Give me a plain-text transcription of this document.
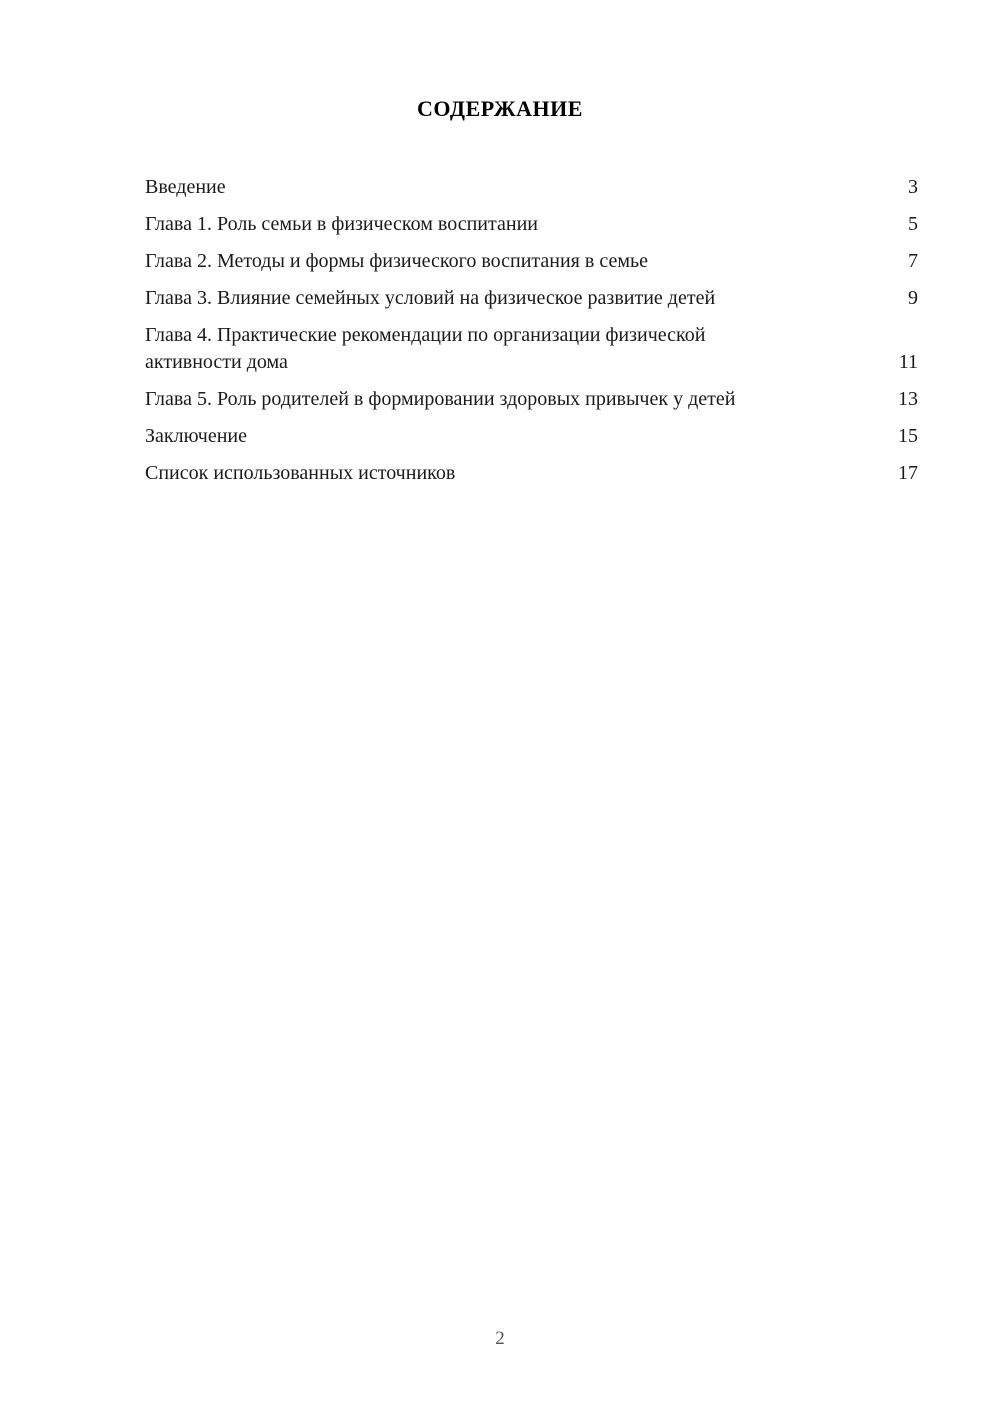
СОДЕРЖАНИЕ
Введение	3
Глава 1. Роль семьи в физическом воспитании	5
Глава 2. Методы и формы физического воспитания в семье	7
Глава 3. Влияние семейных условий на физическое развитие детей	9
Глава 4. Практические рекомендации по организации физической активности дома	11
Глава 5. Роль родителей в формировании здоровых привычек у детей	13
Заключение	15
Список использованных источников	17
2
